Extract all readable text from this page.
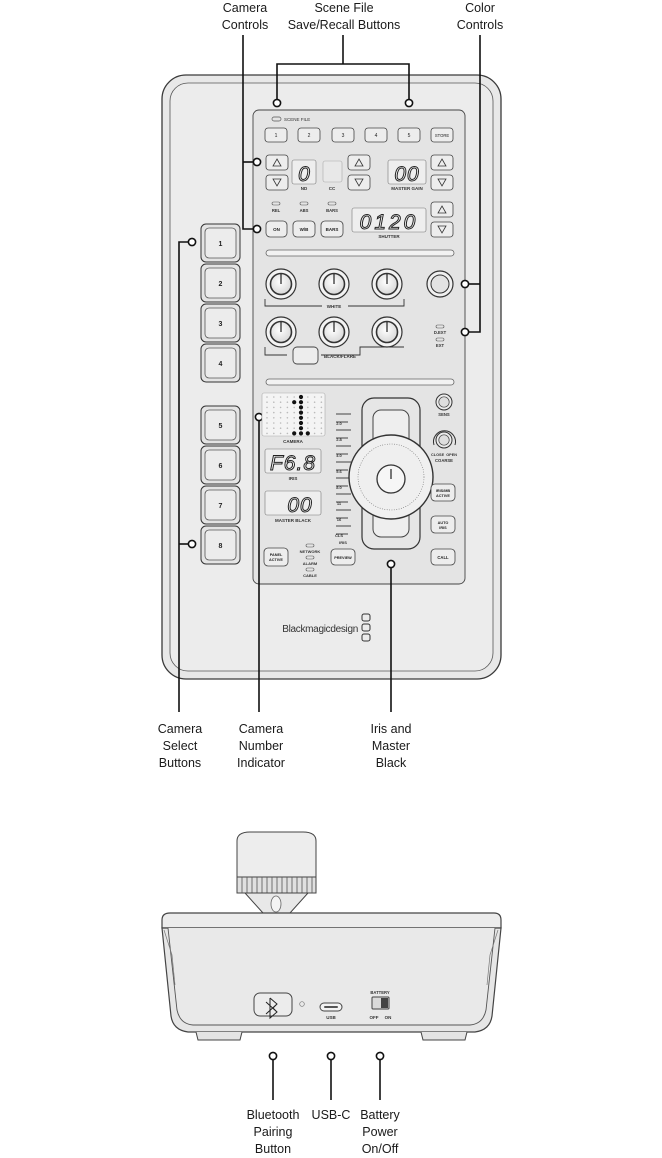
Camera
Controls
Scene File
Save/Recall Buttons
Color
Controls
Camera
Select
Buttons
Camera
Number
Indicator
Iris and
Master
Black
Bluetooth
Pairing
Button
USB-C Battery
Power
On/Off
SCENE FILE
1	2	3	4	5	STORE
0
ND	CC
00
MASTER GAIN
REL	ABS	BARS
ON	W/B	BARS 0120
SHUTTER
WHITE
BLACK/FLARE
D.EXT
EXT
CAMERA
F6.8
IRIS
00
MASTER BLACK
2.0
2.8
4.0
5.6
8.0
11
16
CLS
IRIS
SENS
CLOSE  OPEN
COARSE
IRIS/MB
ACTIVE
AUTO
IRIS
CALL
PANEL
ACTIVE
NETWORK
ALARM
CABLE
PREVIEW
1
2
3
4
5
6
7
8
Blackmagicdesign
USB
BATTERY
OFF ON
